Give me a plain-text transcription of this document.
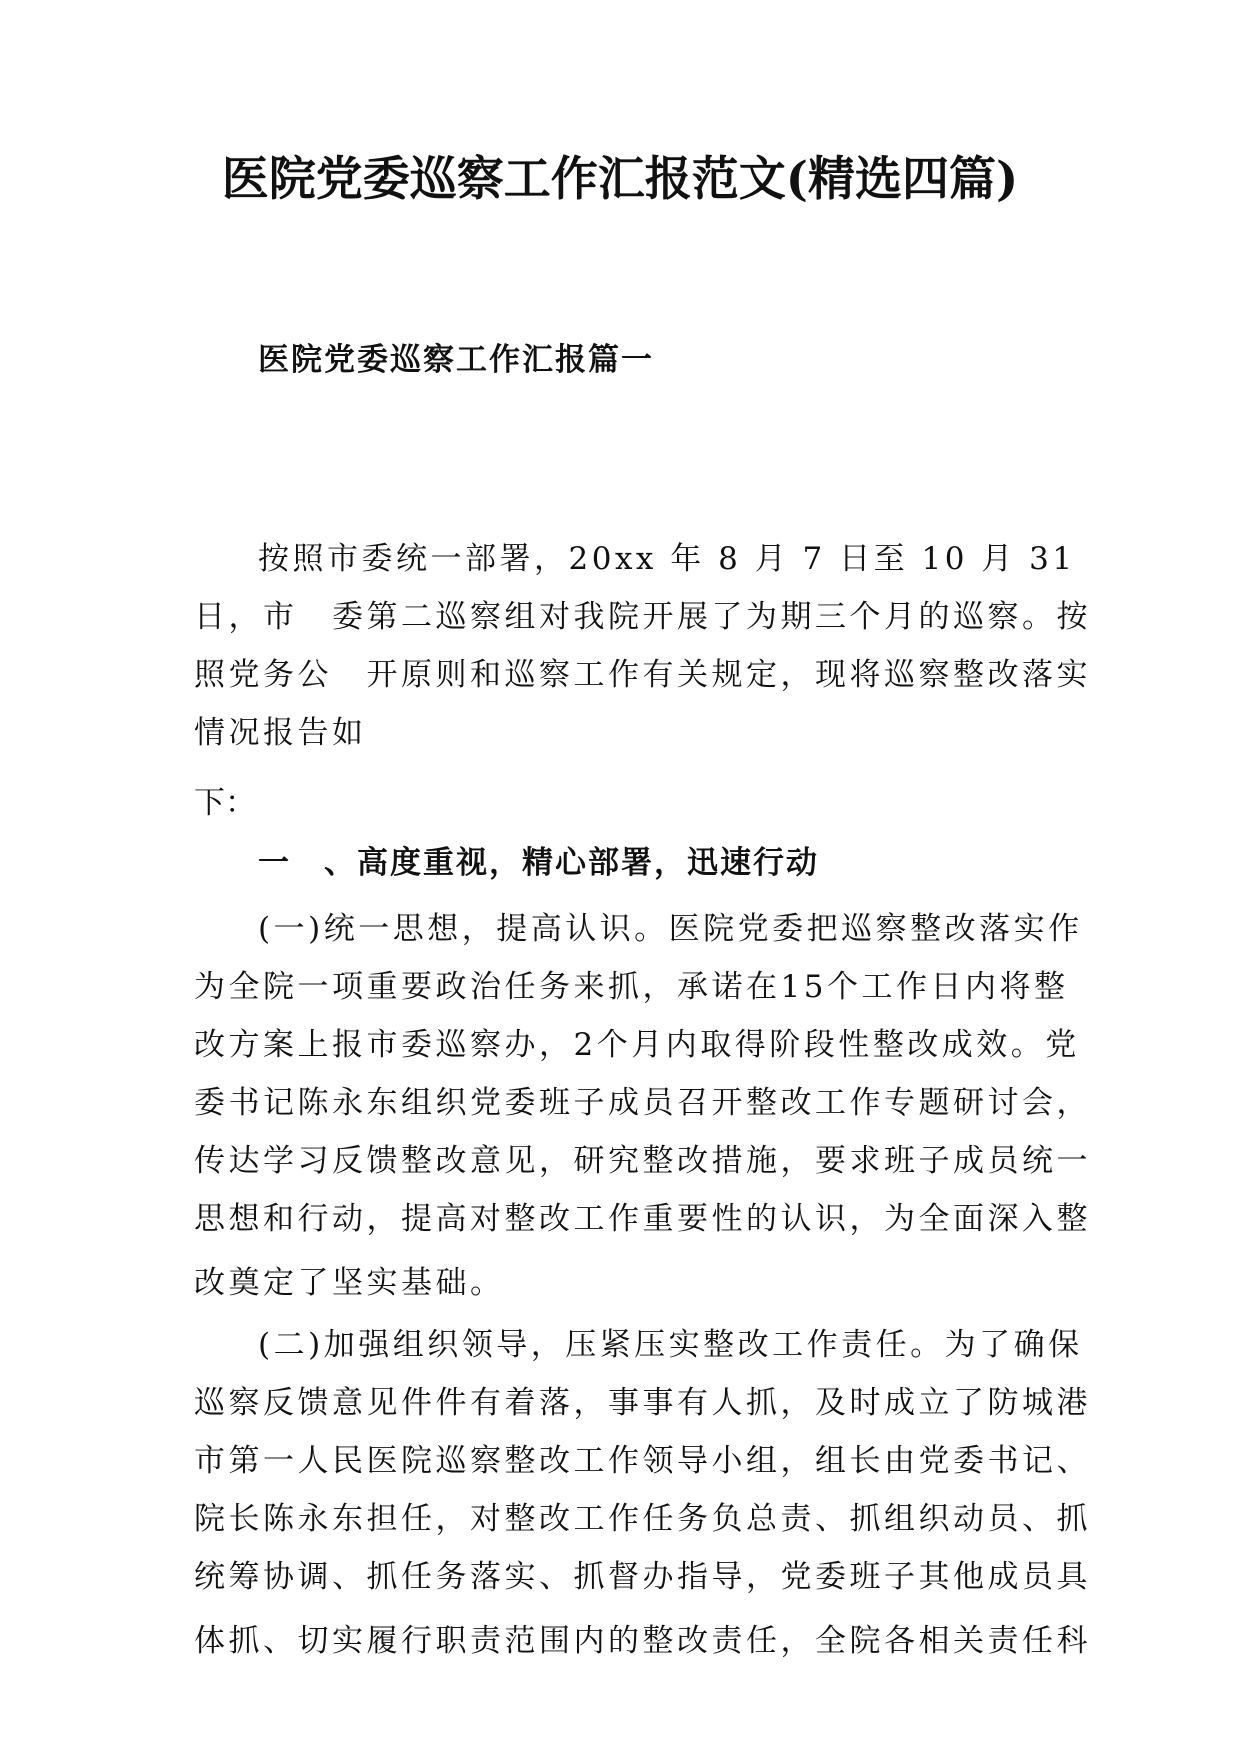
医院党委巡察工作汇报范文(精选四篇)
医院党委巡察工作汇报篇一
按照市委统一部署，20xx 年 8 月 7 日至 10 月 31
日，市　委第二巡察组对我院开展了为期三个月的巡察。按
照党务公　开原则和巡察工作有关规定，现将巡察整改落实
情况报告如
下：
一　、高度重视，精心部署，迅速行动
(一)统一思想，提高认识。医院党委把巡察整改落实作
为全院一项重要政治任务来抓，承诺在15个工作日内将整
改方案上报市委巡察办，2个月内取得阶段性整改成效。党
委书记陈永东组织党委班子成员召开整改工作专题研讨会，
传达学习反馈整改意见，研究整改措施，要求班子成员统一
思想和行动，提高对整改工作重要性的认识，为全面深入整
改奠定了坚实基础。
(二)加强组织领导，压紧压实整改工作责任。为了确保
巡察反馈意见件件有着落，事事有人抓，及时成立了防城港
市第一人民医院巡察整改工作领导小组，组长由党委书记、
院长陈永东担任，对整改工作任务负总责、抓组织动员、抓
统筹协调、抓任务落实、抓督办指导，党委班子其他成员具
体抓、切实履行职责范围内的整改责任，全院各相关责任科
